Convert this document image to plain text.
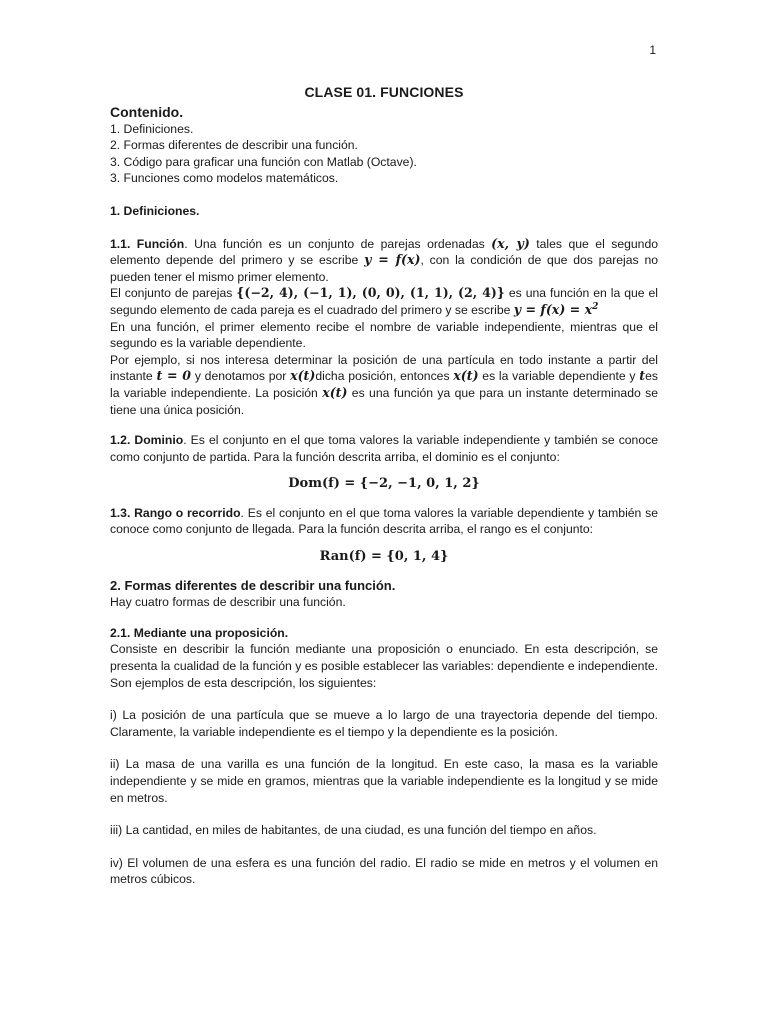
1
CLASE 01. FUNCIONES
Contenido.
1. Definiciones.
2. Formas diferentes de describir una función.
3. Código para graficar una función con Matlab (Octave).
3. Funciones como modelos matemáticos.
1. Definiciones.

1.1. Función. Una función es un conjunto de parejas ordenadas (x, y) tales que el segundo elemento depende del primero y se escribe y = f(x), con la condición de que dos parejas no pueden tener el mismo primer elemento.

El conjunto de parejas {(−2, 4), (−1, 1), (0, 0), (1, 1), (2, 4)} es una función en la que el segundo elemento de cada pareja es el cuadrado del primero y se escribe $y = f(x) = x^2$

En una función, el primer elemento recibe el nombre de variable independiente, mientras que el segundo es la variable dependiente.

Por ejemplo, si nos interesa determinar la posición de una partícula en todo instante a partir del instante t = 0 y denotamos por x(t)dicha posición, entonces x(t) es la variable dependiente y tes la variable independiente. La posición x(t) es una función ya que para un instante determinado se tiene una única posición.

1.2. Dominio. Es el conjunto en el que toma valores la variable independiente y también se conoce como conjunto de partida. Para la función descrita arriba, el dominio es el conjunto:

Dom(f) = {−2, −1, 0, 1, 2}

1.3. Rango o recorrido. Es el conjunto en el que toma valores la variable dependiente y también se conoce como conjunto de llegada. Para la función descrita arriba, el rango es el conjunto:

Ran(f) = {0, 1, 4}
2. Formas diferentes de describir una función.

Hay cuatro formas de describir una función.

2.1. Mediante una proposición.

Consiste en describir la función mediante una proposición o enunciado. En esta descripción, se presenta la cualidad de la función y es posible establecer las variables: dependiente e independiente. Son ejemplos de esta descripción, los siguientes:

i) La posición de una partícula que se mueve a lo largo de una trayectoria depende del tiempo. Claramente, la variable independiente es el tiempo y la dependiente es la posición.

ii) La masa de una varilla es una función de la longitud. En este caso, la masa es la variable independiente y se mide en gramos, mientras que la variable independiente es la longitud y se mide en metros.

iii) La cantidad, en miles de habitantes, de una ciudad, es una función del tiempo en años.

iv) El volumen de una esfera es una función del radio. El radio se mide en metros y el volumen en metros cúbicos.
